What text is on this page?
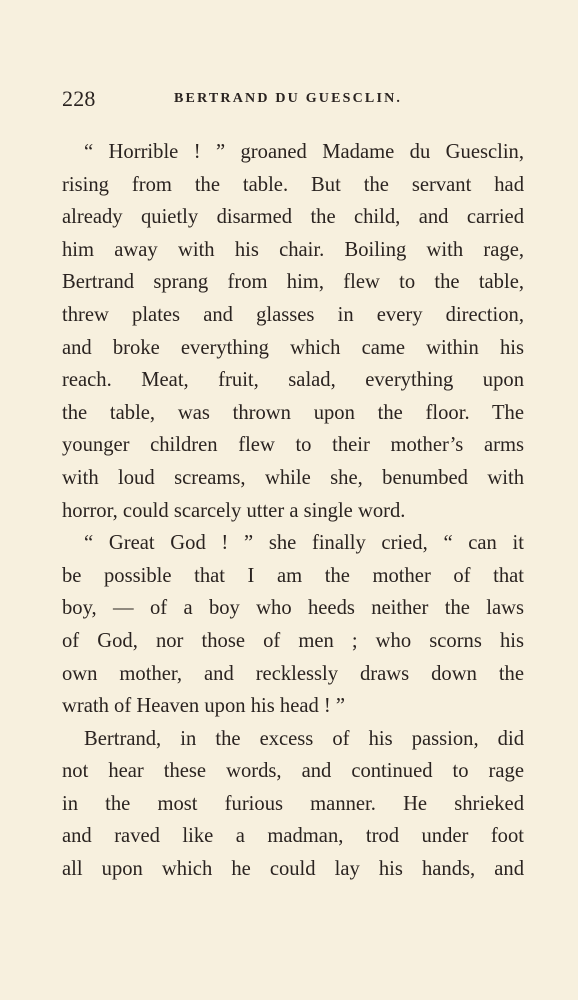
228	BERTRAND DU GUESCLIN.
“ Horrible ! ” groaned Madame du Guesclin,
rising from the table. But the servant had
already quietly disarmed the child, and carried
him away with his chair. Boiling with rage,
Bertrand sprang from him, flew to the table,
threw plates and glasses in every direction,
and broke everything which came within his
reach. Meat, fruit, salad, everything upon
the table, was thrown upon the floor. The
younger children flew to their mother’s arms
with loud screams, while she, benumbed with
horror, could scarcely utter a single word.
“ Great God ! ” she finally cried, “ can it
be possible that I am the mother of that
boy, — of a boy who heeds neither the laws
of God, nor those of men ; who scorns his
own mother, and recklessly draws down the
wrath of Heaven upon his head ! ”
Bertrand, in the excess of his passion, did
not hear these words, and continued to rage
in the most furious manner. He shrieked
and raved like a madman, trod under foot
all upon which he could lay his hands, and
